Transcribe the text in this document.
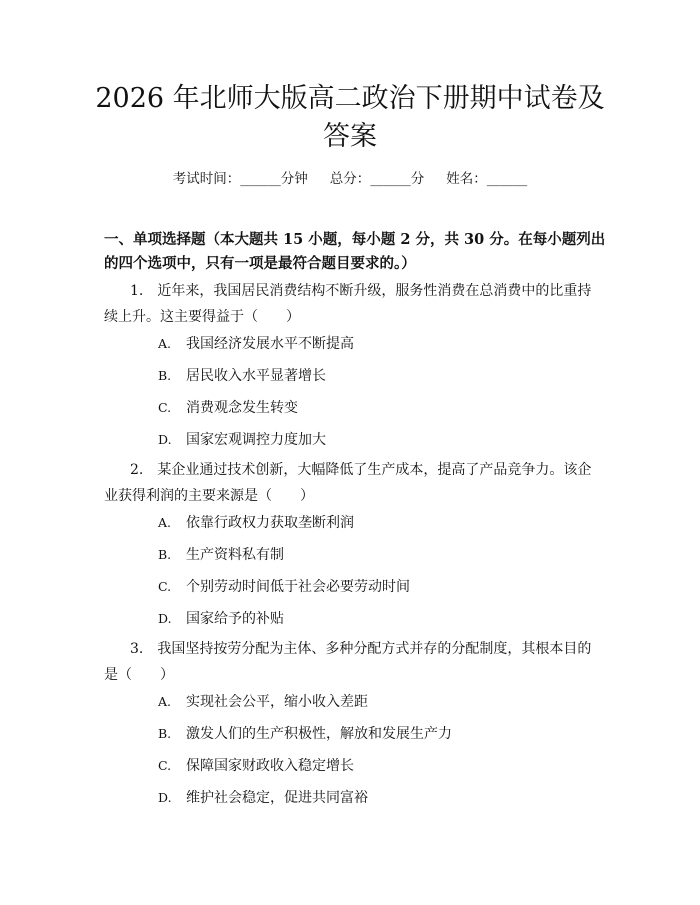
2026 年北师大版高二政治下册期中试卷及答案
考试时间：______分钟 总分：______分 姓名：______

一、单项选择题（本大题共 15 小题，每小题 2 分，共 30 分。在每小题列出的四个选项中，只有一项是最符合题目要求的。）

1.　 近年来，我国居民消费结构不断升级，服务性消费在总消费中的比重持续上升。这主要得益于（　　）

A. 我国经济发展水平不断提高
B. 居民收入水平显著增长
C. 消费观念发生转变
D. 国家宏观调控力度加大

2.　 某企业通过技术创新，大幅降低了生产成本，提高了产品竞争力。该企业获得利润的主要来源是（　　）

A. 依靠行政权力获取垄断利润
B. 生产资料私有制
C. 个别劳动时间低于社会必要劳动时间
D. 国家给予的补贴

3.　 我国坚持按劳分配为主体、多种分配方式并存的分配制度，其根本目的是（　　）

A. 实现社会公平，缩小收入差距
B. 激发人们的生产积极性，解放和发展生产力
C. 保障国家财政收入稳定增长
D. 维护社会稳定，促进共同富裕
